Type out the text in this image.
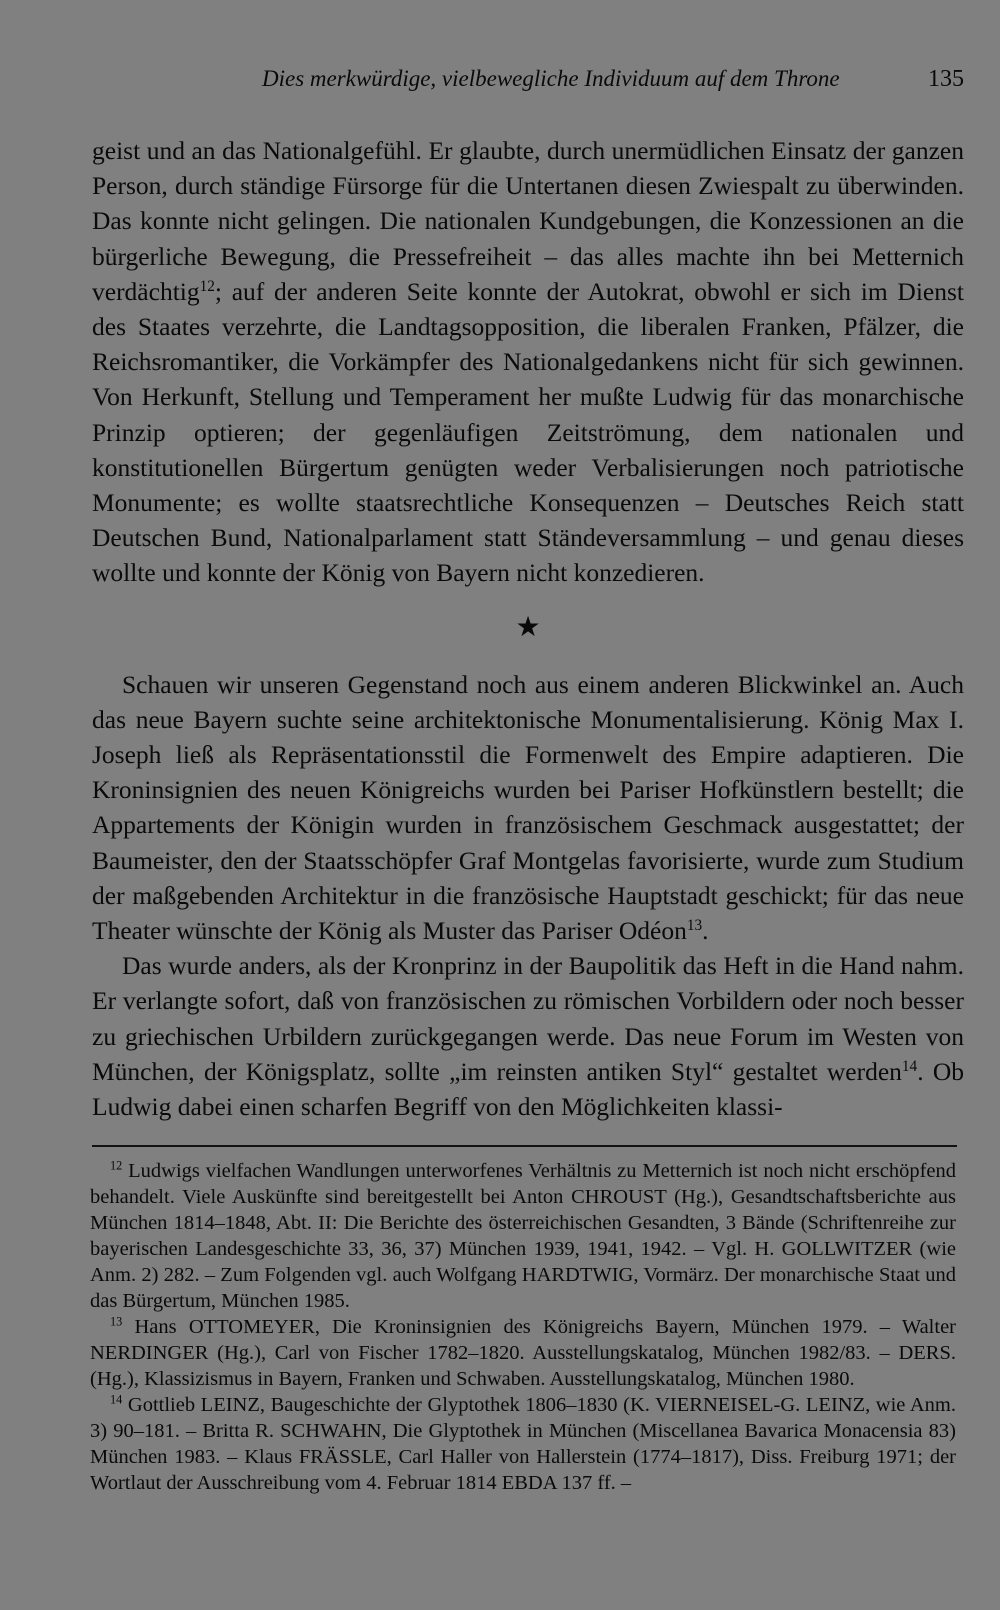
Dies merkwürdige, vielbewegliche Individuum auf dem Throne	135

geist und an das Nationalgefühl. Er glaubte, durch unermüdlichen Einsatz der ganzen Person, durch ständige Fürsorge für die Untertanen diesen Zwiespalt zu überwinden. Das konnte nicht gelingen. Die nationalen Kundgebungen, die Konzessionen an die bürgerliche Bewegung, die Pressefreiheit – das alles machte ihn bei Metternich verdächtig$^{12}$; auf der anderen Seite konnte der Autokrat, obwohl er sich im Dienst des Staates verzehrte, die Landtagsopposition, die liberalen Franken, Pfälzer, die Reichsromantiker, die Vorkämpfer des Nationalgedankens nicht für sich gewinnen. Von Herkunft, Stellung und Temperament her mußte Ludwig für das monarchische Prinzip optieren; der gegenläufigen Zeitströmung, dem nationalen und konstitutionellen Bürgertum genügten weder Verbalisierungen noch patriotische Monumente; es wollte staatsrechtliche Konsequenzen – Deutsches Reich statt Deutschen Bund, Nationalparlament statt Ständeversammlung – und genau dieses wollte und konnte der König von Bayern nicht konzedieren.

★

Schauen wir unseren Gegenstand noch aus einem anderen Blickwinkel an. Auch das neue Bayern suchte seine architektonische Monumentalisierung. König Max I. Joseph ließ als Repräsentationsstil die Formenwelt des Empire adaptieren. Die Kroninsignien des neuen Königreichs wurden bei Pariser Hofkünstlern bestellt; die Appartements der Königin wurden in französischem Geschmack ausgestattet; der Baumeister, den der Staatsschöpfer Graf Montgelas favorisierte, wurde zum Studium der maßgebenden Architektur in die französische Hauptstadt geschickt; für das neue Theater wünschte der König als Muster das Pariser Odéon$^{13}$.

Das wurde anders, als der Kronprinz in der Baupolitik das Heft in die Hand nahm. Er verlangte sofort, daß von französischen zu römischen Vorbildern oder noch besser zu griechischen Urbildern zurückgegangen werde. Das neue Forum im Westen von München, der Königsplatz, sollte „im reinsten antiken Styl“ gestaltet werden$^{14}$. Ob Ludwig dabei einen scharfen Begriff von den Möglichkeiten klassi-

$^{12}$ Ludwigs vielfachen Wandlungen unterworfenes Verhältnis zu Metternich ist noch nicht erschöpfend behandelt. Viele Auskünfte sind bereitgestellt bei Anton CHROUST (Hg.), Gesandtschaftsberichte aus München 1814–1848, Abt. II: Die Berichte des österreichischen Gesandten, 3 Bände (Schriftenreihe zur bayerischen Landesgeschichte 33, 36, 37) München 1939, 1941, 1942. – Vgl. H. GOLLWITZER (wie Anm. 2) 282. – Zum Folgenden vgl. auch Wolfgang HARDTWIG, Vormärz. Der monarchische Staat und das Bürgertum, München 1985.

$^{13}$ Hans OTTOMEYER, Die Kroninsignien des Königreichs Bayern, München 1979. – Walter NERDINGER (Hg.), Carl von Fischer 1782–1820. Ausstellungskatalog, München 1982/83. – DERS. (Hg.), Klassizismus in Bayern, Franken und Schwaben. Ausstellungskatalog, München 1980.

$^{14}$ Gottlieb LEINZ, Baugeschichte der Glyptothek 1806–1830 (K. VIERNEISEL-G. LEINZ, wie Anm. 3) 90–181. – Britta R. SCHWAHN, Die Glyptothek in München (Miscellanea Bavarica Monacensia 83) München 1983. – Klaus FRÄSSLE, Carl Haller von Hallerstein (1774–1817), Diss. Freiburg 1971; der Wortlaut der Ausschreibung vom 4. Februar 1814 EBDA 137 ff. –
